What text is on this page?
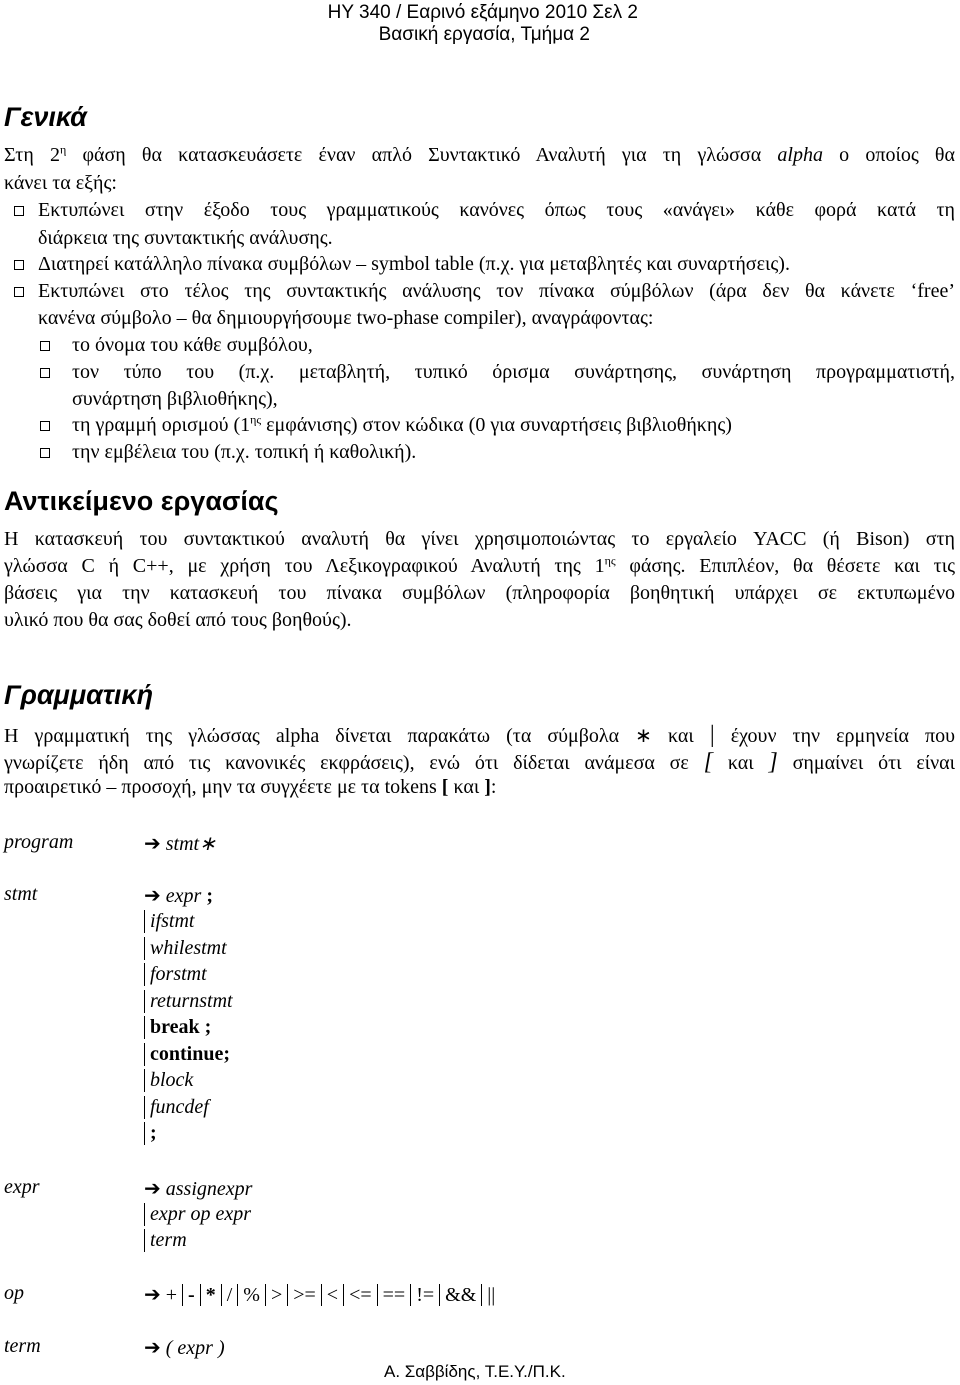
ΗΥ 340 / Εαρινό εξάμηνο 2010 Σελ 2
Βασική εργασία, Τμήμα 2
Γενικά
Στη $2^\eta$ φάση θα κατασκευάσετε έναν απλό Συντακτικό Αναλυτή για τη γλώσσα alpha ο οποίος θα
κάνει τα εξής:
Εκτυπώνει στην έξοδο τους γραμματικούς κανόνες όπως τους «ανάγει» κάθε φορά κατά τη
διάρκεια της συντακτικής ανάλυσης.
Διατηρεί κατάλληλο πίνακα συμβόλων – symbol table (π.χ. για μεταβλητές και συναρτήσεις).
Εκτυπώνει στο τέλος της συντακτικής ανάλυσης τον πίνακα σύμβόλων (άρα δεν θα κάνετε ‘free’
κανένα σύμβολο – θα δημιουργήσουμε two-phase compiler), αναγράφοντας:
το όνομα του κάθε συμβόλου,
τον τύπο του (π.χ. μεταβλητή, τυπικό όρισμα συνάρτησης, συνάρτηση προγραμματιστή,
συνάρτηση βιβλιοθήκης),
τη γραμμή ορισμού ($1^{\eta\varsigma}$ εμφάνισης) στον κώδικα (0 για συναρτήσεις βιβλιοθήκης)
την εμβέλεια του (π.χ. τοπική ή καθολική).
Αντικείμενο εργασίας
Η κατασκευή του συντακτικού αναλυτή θα γίνει χρησιμοποιώντας το εργαλείο YACC (ή Bison) στη
γλώσσα C ή C++, με χρήση του Λεξικογραφικού Αναλυτή της $1^{\eta\varsigma}$ φάσης. Επιπλέον, θα θέσετε και τις
βάσεις για την κατασκευή του πίνακα συμβόλων (πληροφορία βοηθητική υπάρχει σε εκτυπωμένο
υλικό που θα σας δοθεί από τους βοηθούς).
Γραμματική
Η γραμματική της γλώσσας alpha δίνεται παρακάτω (τα σύμβολα ∗ και | έχουν την ερμηνεία που
γνωρίζετε ήδη από τις κανονικές εκφράσεις), ενώ ότι δίδεται ανάμεσα σε [ και ] σημαίνει ότι είναι
προαιρετικό – προσοχή, μην τα συγχέετε με τα tokens [ και ]:
program	➔ stmt∗
stmt	➔ expr ;
ifstmt
whilestmt
forstmt
returnstmt
break ;
continue;
block
funcdef
;
expr	➔ assignexpr
expr op expr
term
op	➔ + - * / % > >= < <= == != && ||
term	➔ ( expr )
Α. Σαββίδης, Τ.Ε.Υ./Π.Κ.
